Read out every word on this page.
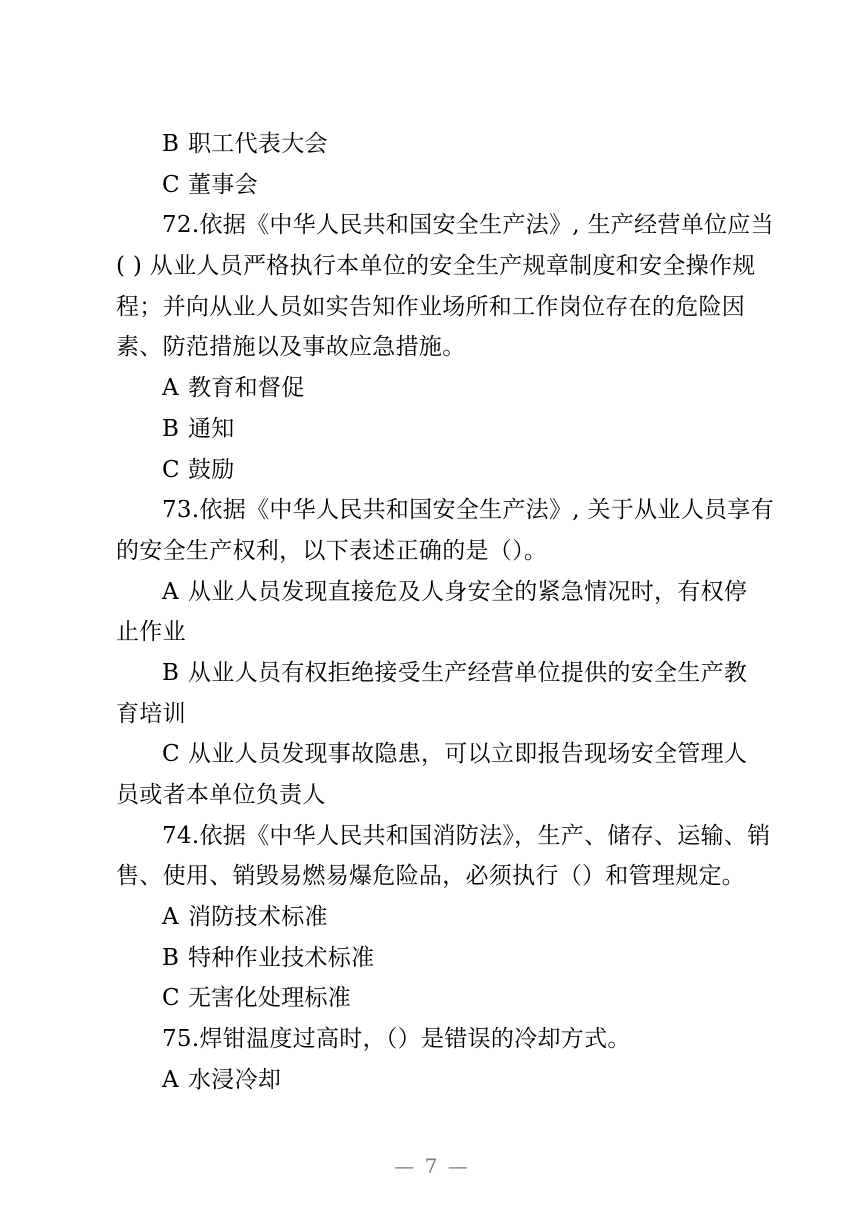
B 职工代表大会
C 董事会
72.依据《中华人民共和国安全生产法》, 生产经营单位应当
( ) 从业人员严格执行本单位的安全生产规章制度和安全操作规
程；并向从业人员如实告知作业场所和工作岗位存在的危险因
素、防范措施以及事故应急措施。
A 教育和督促
B 通知
C 鼓励
73.依据《中华人民共和国安全生产法》, 关于从业人员享有
的安全生产权利，以下表述正确的是（）。
A 从业人员发现直接危及人身安全的紧急情况时，有权停
止作业
B 从业人员有权拒绝接受生产经营单位提供的安全生产教
育培训
C 从业人员发现事故隐患，可以立即报告现场安全管理人
员或者本单位负责人
74.依据《中华人民共和国消防法》，生产、储存、运输、销
售、使用、销毁易燃易爆危险品，必须执行（）和管理规定。
A 消防技术标准
B 特种作业技术标准
C 无害化处理标准
75.焊钳温度过高时，（）是错误的冷却方式。
A 水浸冷却
— 7 —
